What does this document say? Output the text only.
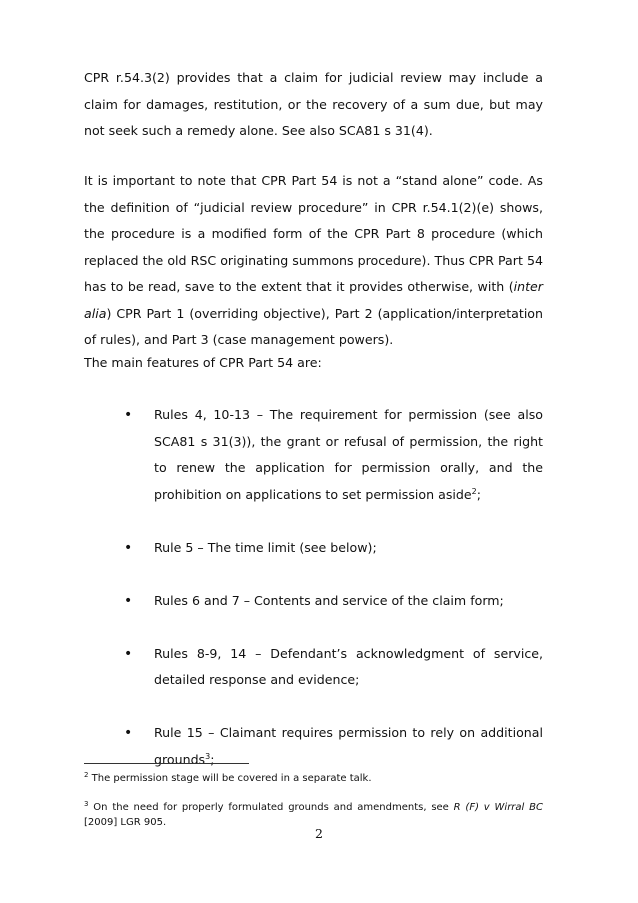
CPR r.54.3(2) provides that a claim for judicial review may include a claim for damages, restitution, or the recovery of a sum due, but may not seek such a remedy alone. See also SCA81 s 31(4).

It is important to note that CPR Part 54 is not a “stand alone” code. As the definition of “judicial review procedure” in CPR r.54.1(2)(e) shows, the procedure is a modified form of the CPR Part 8 procedure (which replaced the old RSC originating summons procedure). Thus CPR Part 54 has to be read, save to the extent that it provides otherwise, with (inter alia) CPR Part 1 (overriding objective), Part 2 (application/interpretation of rules), and Part 3 (case management powers).

The main features of CPR Part 54 are:

• Rules 4, 10-13 – The requirement for permission (see also SCA81 s 31(3)), the grant or refusal of permission, the right to renew the application for permission orally, and the prohibition on applications to set permission aside$^2$;
• Rule 5 – The time limit (see below);
• Rules 6 and 7 – Contents and service of the claim form;
• Rules 8-9, 14 – Defendant’s acknowledgment of service, detailed response and evidence;
• Rule 15 – Claimant requires permission to rely on additional grounds$^3$;

$^2$ The permission stage will be covered in a separate talk.

$^3$ On the need for properly formulated grounds and amendments, see R (F) v Wirral BC [2009] LGR 905.

2
